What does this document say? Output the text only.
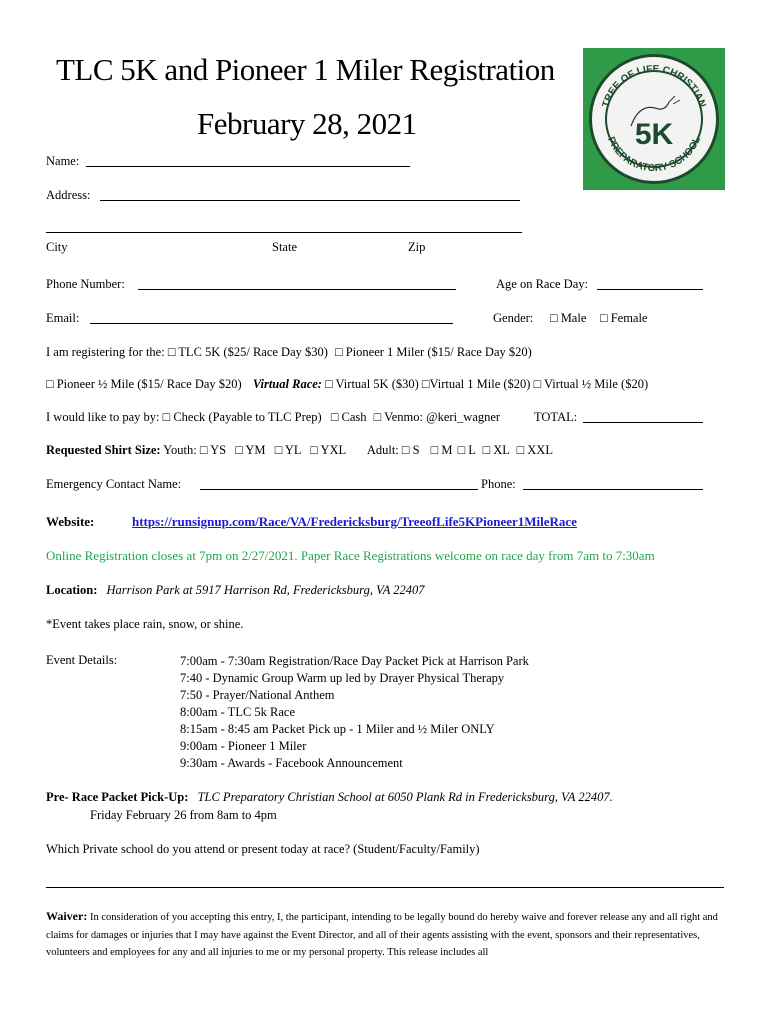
TLC 5K and Pioneer 1 Miler Registration
February 28, 2021
TREE OF LIFE CHRISTIAN
PREPARATORY SCHOOL
5K
Name:
Address:
City	State	Zip
Phone Number:	Age on Race Day:
Email:	Gender: □ Male □ Female
I am registering for the: □ TLC 5K ($25/ Race Day $30) □ Pioneer 1 Miler ($15/ Race Day $20)
□ Pioneer ½ Mile ($15/ Race Day $20) Virtual Race: □ Virtual 5K ($30) □Virtual 1 Mile ($20) □ Virtual ½ Mile ($20)
I would like to pay by: □ Check (Payable to TLC Prep) □ Cash □ Venmo: @keri_wagner	TOTAL:
Requested Shirt Size: Youth: □ YS □ YM □ YL □ YXL Adult: □ S □ M □ L □ XL □ XXL
Emergency Contact Name:	Phone:
Website:	https://runsignup.com/Race/VA/Fredericksburg/TreeofLife5KPioneer1MileRace
Online Registration closes at 7pm on 2/27/2021. Paper Race Registrations welcome on race day from 7am to 7:30am
Location: Harrison Park at 5917 Harrison Rd, Fredericksburg, VA 22407
*Event takes place rain, snow, or shine.
Event Details:	7:00am - 7:30am Registration/Race Day Packet Pick at Harrison Park
7:40 - Dynamic Group Warm up led by Drayer Physical Therapy
7:50 - Prayer/National Anthem
8:00am - TLC 5k Race
8:15am - 8:45 am Packet Pick up - 1 Miler and ½ Miler ONLY
9:00am - Pioneer 1 Miler
9:30am - Awards - Facebook Announcement
Pre- Race Packet Pick-Up: TLC Preparatory Christian School at 6050 Plank Rd in Fredericksburg, VA 22407.
Friday February 26 from 8am to 4pm
Which Private school do you attend or present today at race? (Student/Faculty/Family)
Waiver: In consideration of you accepting this entry, I, the participant, intending to be legally bound do hereby waive and forever release any and all right and claims for damages or injuries that I may have against the Event Director, and all of their agents assisting with the event, sponsors and their representatives, volunteers and employees for any and all injuries to me or my personal property. This release includes all
